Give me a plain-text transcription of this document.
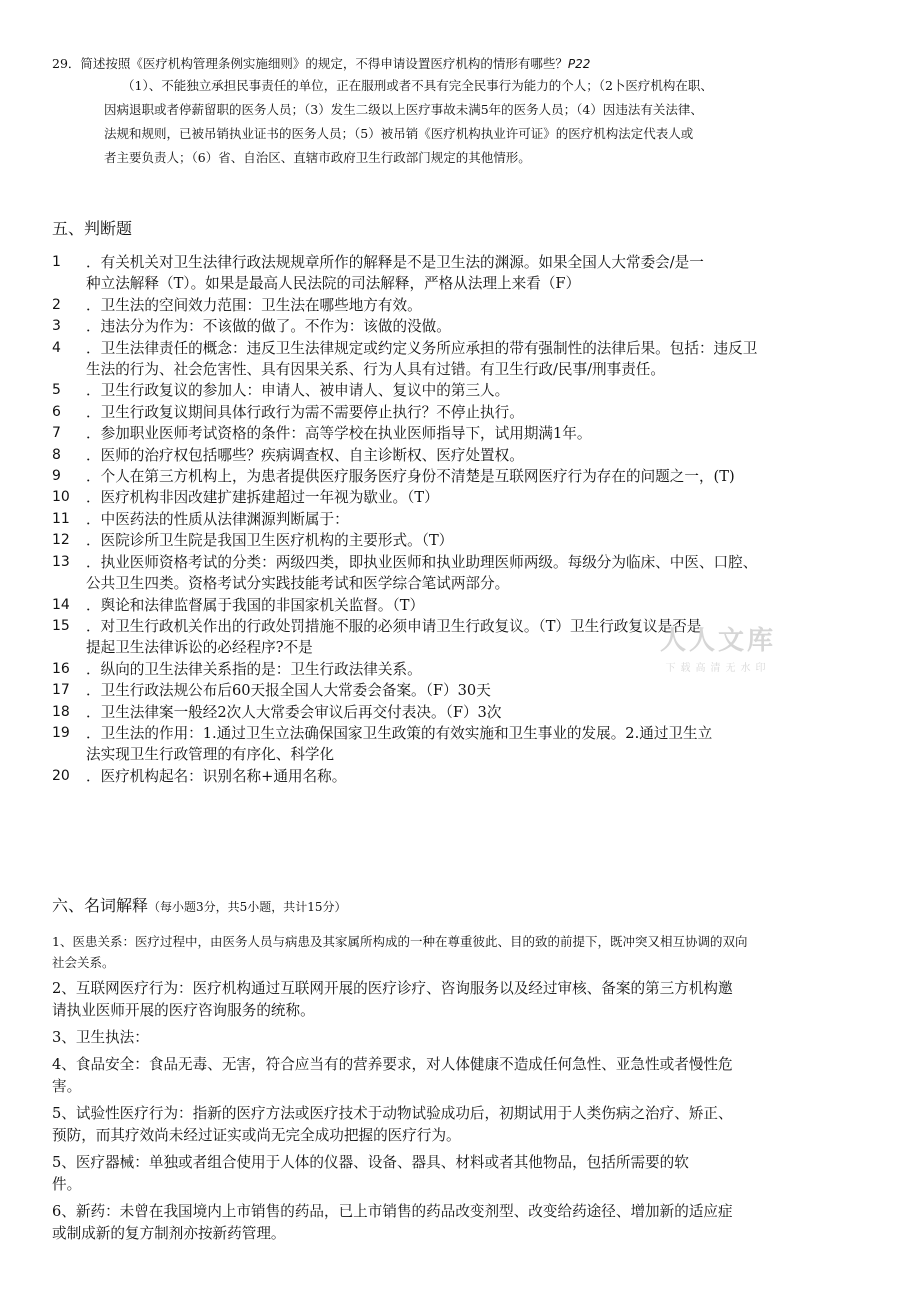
29．简述按照《医疗机构管理条例实施细则》的规定，不得申请设置医疗机构的情形有哪些？P22
（1）、不能独立承担民事责任的单位，正在服刑或者不具有完全民事行为能力的个人；（2卜医疗机构在职、
因病退职或者停薪留职的医务人员；（3）发生二级以上医疗事故未满5年的医务人员；（4）因违法有关法律、
法规和规则，已被吊销执业证书的医务人员；（5）被吊销《医疗机构执业许可证》的医疗机构法定代表人或
者主要负责人；（6）省、自治区、直辖市政府卫生行政部门规定的其他情形。
五、判断题
1	．有关机关对卫生法律行政法规规章所作的解释是不是卫生法的渊源。如果全国人大常委会/是一
种立法解释（T）。如果是最高人民法院的司法解释，严格从法理上来看（F）
2	．卫生法的空间效力范围：卫生法在哪些地方有效。
3	．违法分为作为：不该做的做了。不作为：该做的没做。
4	．卫生法律责任的概念：违反卫生法律规定或约定义务所应承担的带有强制性的法律后果。包括：违反卫
生法的行为、社会危害性、具有因果关系、行为人具有过错。有卫生行政/民事/刑事责任。
5	．卫生行政复议的参加人：申请人、被申请人、复议中的第三人。
6	．卫生行政复议期间具体行政行为需不需要停止执行？不停止执行。
7	．参加职业医师考试资格的条件：高等学校在执业医师指导下，试用期满1年。
8	．医师的治疗权包括哪些？疾病调查权、自主诊断权、医疗处置权。
9	．个人在第三方机构上，为患者提供医疗服务医疗身份不清楚是互联网医疗行为存在的问题之一，(T)
10	．医疗机构非因改建扩建拆建超过一年视为歇业。（T）
11	．中医药法的性质从法律渊源判断属于：
12	．医院诊所卫生院是我国卫生医疗机构的主要形式。（T）
13	．执业医师资格考试的分类：两级四类，即执业医师和执业助理医师两级。每级分为临床、中医、口腔、
公共卫生四类。资格考试分实践技能考试和医学综合笔试两部分。
14	．舆论和法律监督属于我国的非国家机关监督。（T）
15	．对卫生行政机关作出的行政处罚措施不服的必须申请卫生行政复议。（T）卫生行政复议是否是
提起卫生法律诉讼的必经程序?不是
16	．纵向的卫生法律关系指的是：卫生行政法律关系。
17	．卫生行政法规公布后60天报全国人大常委会备案。（F）30天
18	．卫生法律案一般经2次人大常委会审议后再交付表决。（F）3次
19	．卫生法的作用：1.通过卫生立法确保国家卫生政策的有效实施和卫生事业的发展。2.通过卫生立
法实现卫生行政管理的有序化、科学化
20	．医疗机构起名：识别名称+通用名称。
六、名词解释（每小题3分，共5小题，共计15分）
1、医患关系：医疗过程中，由医务人员与病患及其家属所构成的一种在尊重彼此、目的致的前提下，既冲突又相互协调的双向
社会关系。
2、互联网医疗行为：医疗机构通过互联网开展的医疗诊疗、咨询服务以及经过审核、备案的第三方机构邀
请执业医师开展的医疗咨询服务的统称。
3、卫生执法：
4、食品安全：食品无毒、无害，符合应当有的营养要求，对人体健康不造成任何急性、亚急性或者慢性危
害。
5、试验性医疗行为：指新的医疗方法或医疗技术于动物试验成功后，初期试用于人类伤病之治疗、矫正、
预防，而其疗效尚未经过证实或尚无完全成功把握的医疗行为。
5、医疗器械：单独或者组合使用于人体的仪器、设备、器具、材料或者其他物品，包括所需要的软
件。
6、新药：未曾在我国境内上市销售的药品，已上市销售的药品改变剂型、改变给药途径、增加新的适应症
或制成新的复方制剂亦按新药管理。
人人文库
下载高清无水印
